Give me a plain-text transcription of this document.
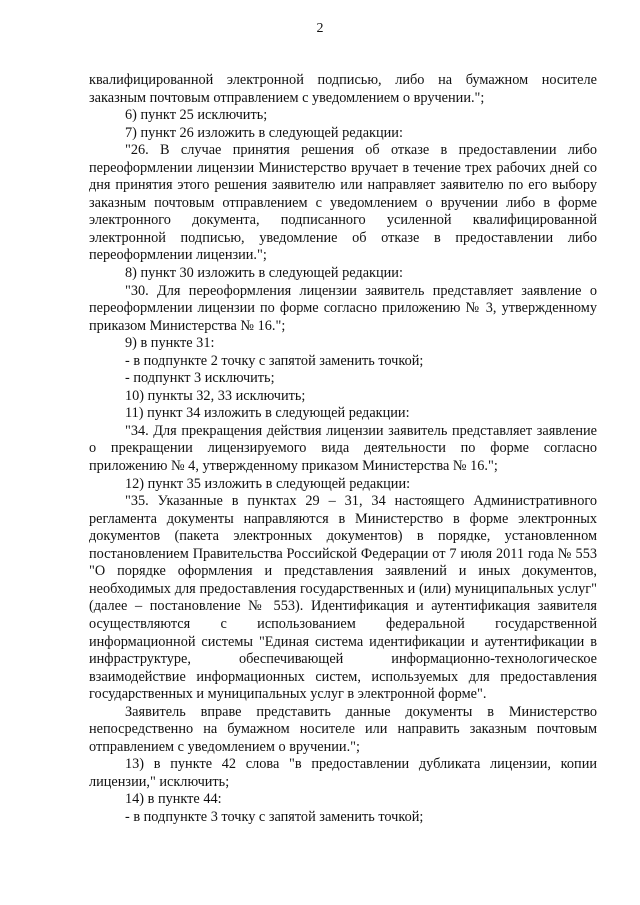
2

квалифицированной электронной подписью, либо на бумажном носителе заказным почтовым отправлением с уведомлением о вручении.";

6) пункт 25 исключить;

7) пункт 26 изложить в следующей редакции:

"26. В случае принятия решения об отказе в предоставлении либо переоформлении лицензии Министерство вручает в течение трех рабочих дней со дня принятия этого решения заявителю или направляет заявителю по его выбору заказным почтовым отправлением с уведомлением о вручении либо в форме электронного документа, подписанного усиленной квалифицированной электронной подписью, уведомление об отказе в предоставлении либо переоформлении лицензии.";

8) пункт 30 изложить в следующей редакции:

"30. Для переоформления лицензии заявитель представляет заявление о переоформлении лицензии по форме согласно приложению № 3, утвержденному приказом Министерства № 16.";

9) в пункте 31:

- в подпункте 2 точку с запятой заменить точкой;

- подпункт 3 исключить;

10) пункты 32, 33 исключить;

11) пункт 34 изложить в следующей редакции:

"34. Для прекращения действия лицензии заявитель представляет заявление о прекращении лицензируемого вида деятельности по форме согласно приложению № 4, утвержденному приказом Министерства № 16.";

12) пункт 35 изложить в следующей редакции:

"35. Указанные в пунктах 29 – 31, 34 настоящего Административного регламента документы направляются в Министерство в форме электронных документов (пакета электронных документов) в порядке, установленном постановлением Правительства Российской Федерации от 7 июля 2011 года № 553 "О порядке оформления и представления заявлений и иных документов, необходимых для предоставления государственных и (или) муниципальных услуг" (далее – постановление № 553). Идентификация и аутентификация заявителя осуществляются с использованием федеральной государственной информационной системы "Единая система идентификации и аутентификации в инфраструктуре, обеспечивающей информационно-технологическое взаимодействие информационных систем, используемых для предоставления государственных и муниципальных услуг в электронной форме".

Заявитель вправе представить данные документы в Министерство непосредственно на бумажном носителе или направить заказным почтовым отправлением с уведомлением о вручении.";

13) в пункте 42 слова "в предоставлении дубликата лицензии, копии лицензии," исключить;

14) в пункте 44:

- в подпункте 3 точку с запятой заменить точкой;
